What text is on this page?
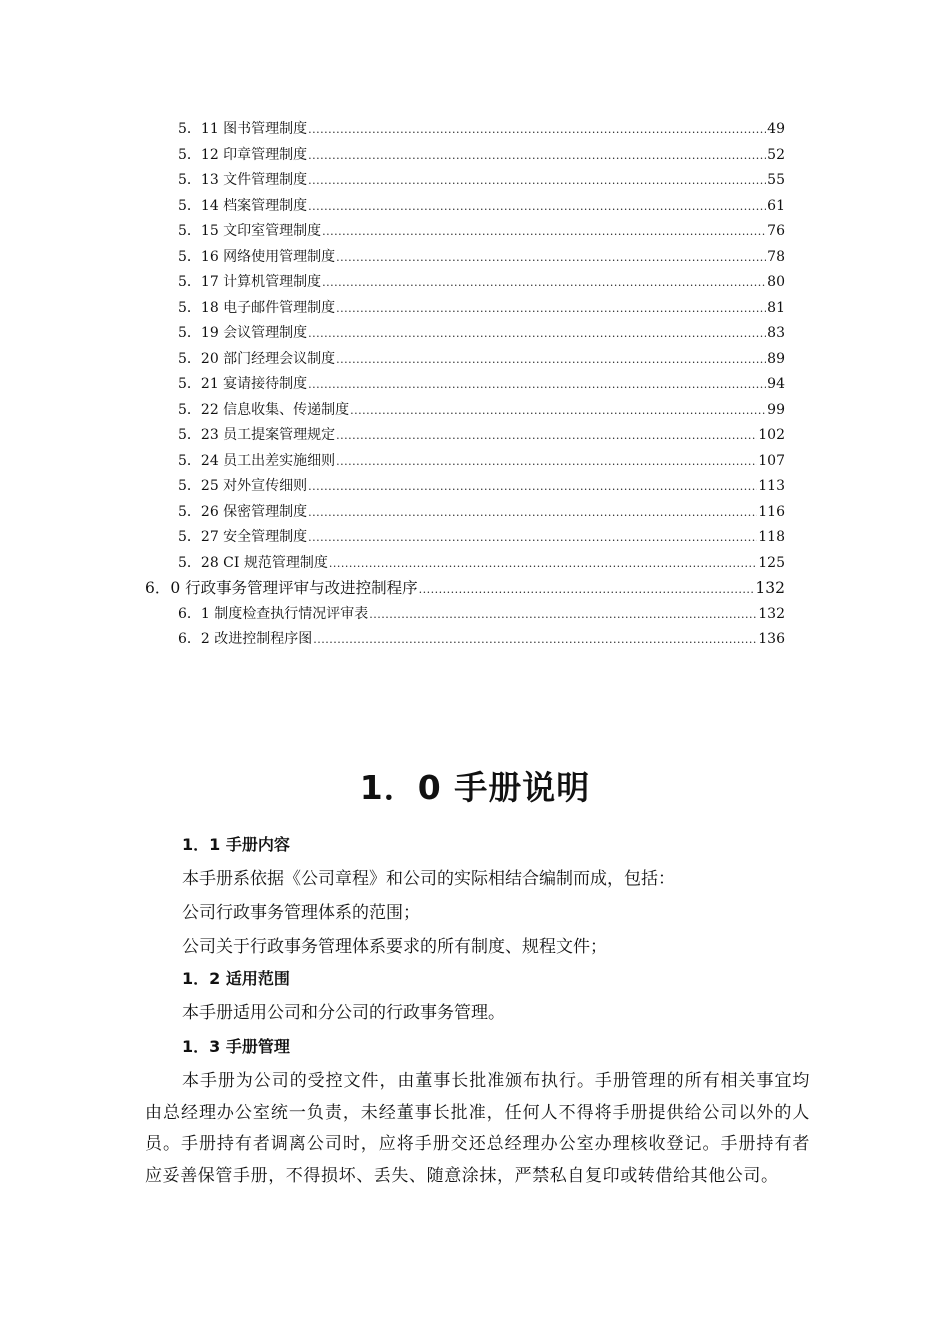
5．11 图书管理制度 .....	49
5．12 印章管理制度 .....	52
5．13 文件管理制度 .....	55
5．14 档案管理制度 .....	61
5．15 文印室管理制度 .....	76
5．16 网络使用管理制度 .....	78
5．17 计算机管理制度 .....	80
5．18 电子邮件管理制度 .....	81
5．19 会议管理制度 .....	83
5．20 部门经理会议制度 .....	89
5．21 宴请接待制度 .....	94
5．22 信息收集、传递制度 .....	99
5．23 员工提案管理规定 .....	102
5．24 员工出差实施细则 .....	107
5．25 对外宣传细则 .....	113
5．26 保密管理制度 .....	116
5．27 安全管理制度 .....	118
5．28 CI 规范管理制度 .....	125
6．0 行政事务管理评审与改进控制程序 .....	132
6．1 制度检查执行情况评审表 .....	132
6．2 改进控制程序图 .....	136
1．0 手册说明
1．1 手册内容
本手册系依据《公司章程》和公司的实际相结合编制而成，包括：
公司行政事务管理体系的范围；
公司关于行政事务管理体系要求的所有制度、规程文件；
1．2 适用范围
本手册适用公司和分公司的行政事务管理。
1．3 手册管理
本手册为公司的受控文件，由董事长批准颁布执行。手册管理的所有相关事宜均由总经理办公室统一负责，未经董事长批准，任何人不得将手册提供给公司以外的人员。手册持有者调离公司时，应将手册交还总经理办公室办理核收登记。手册持有者应妥善保管手册，不得损坏、丢失、随意涂抹，严禁私自复印或转借给其他公司。
